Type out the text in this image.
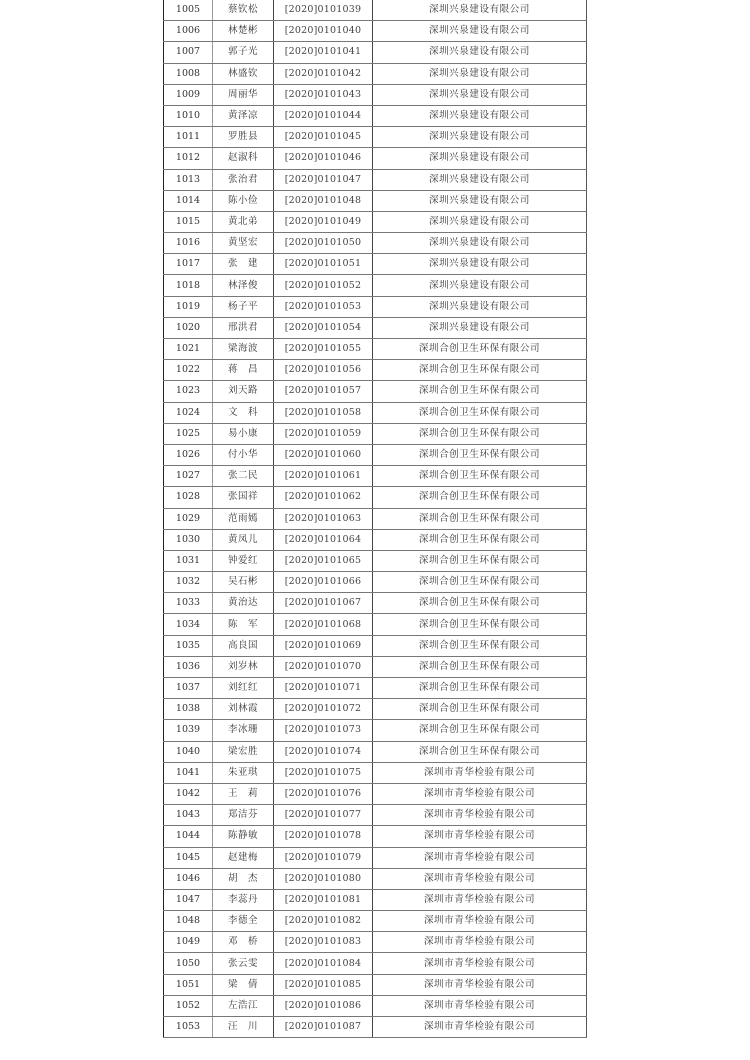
1005	蔡钦松	[2020]0101039	深圳兴泉建设有限公司
1006	林楚彬	[2020]0101040	深圳兴泉建设有限公司
1007	郭子光	[2020]0101041	深圳兴泉建设有限公司
1008	林盛钦	[2020]0101042	深圳兴泉建设有限公司
1009	周丽华	[2020]0101043	深圳兴泉建设有限公司
1010	黄泽凉	[2020]0101044	深圳兴泉建设有限公司
1011	罗胜县	[2020]0101045	深圳兴泉建设有限公司
1012	赵淑科	[2020]0101046	深圳兴泉建设有限公司
1013	张治君	[2020]0101047	深圳兴泉建设有限公司
1014	陈小俭	[2020]0101048	深圳兴泉建设有限公司
1015	黄北弟	[2020]0101049	深圳兴泉建设有限公司
1016	黄坚宏	[2020]0101050	深圳兴泉建设有限公司
1017	张　建	[2020]0101051	深圳兴泉建设有限公司
1018	林泽俊	[2020]0101052	深圳兴泉建设有限公司
1019	杨子平	[2020]0101053	深圳兴泉建设有限公司
1020	邢洪君	[2020]0101054	深圳兴泉建设有限公司
1021	梁海波	[2020]0101055	深圳合创卫生环保有限公司
1022	蒋　昌	[2020]0101056	深圳合创卫生环保有限公司
1023	刘天路	[2020]0101057	深圳合创卫生环保有限公司
1024	文　科	[2020]0101058	深圳合创卫生环保有限公司
1025	易小康	[2020]0101059	深圳合创卫生环保有限公司
1026	付小华	[2020]0101060	深圳合创卫生环保有限公司
1027	张二民	[2020]0101061	深圳合创卫生环保有限公司
1028	张国祥	[2020]0101062	深圳合创卫生环保有限公司
1029	范雨嫣	[2020]0101063	深圳合创卫生环保有限公司
1030	黄凤儿	[2020]0101064	深圳合创卫生环保有限公司
1031	钟爱红	[2020]0101065	深圳合创卫生环保有限公司
1032	吴石彬	[2020]0101066	深圳合创卫生环保有限公司
1033	黄治达	[2020]0101067	深圳合创卫生环保有限公司
1034	陈　军	[2020]0101068	深圳合创卫生环保有限公司
1035	高良国	[2020]0101069	深圳合创卫生环保有限公司
1036	刘岁林	[2020]0101070	深圳合创卫生环保有限公司
1037	刘红红	[2020]0101071	深圳合创卫生环保有限公司
1038	刘林霞	[2020]0101072	深圳合创卫生环保有限公司
1039	李冰珊	[2020]0101073	深圳合创卫生环保有限公司
1040	梁宏胜	[2020]0101074	深圳合创卫生环保有限公司
1041	朱亚琪	[2020]0101075	深圳市青华检验有限公司
1042	王　莉	[2020]0101076	深圳市青华检验有限公司
1043	郑洁芬	[2020]0101077	深圳市青华检验有限公司
1044	陈静敏	[2020]0101078	深圳市青华检验有限公司
1045	赵建梅	[2020]0101079	深圳市青华检验有限公司
1046	胡　杰	[2020]0101080	深圳市青华检验有限公司
1047	李蕊丹	[2020]0101081	深圳市青华检验有限公司
1048	李德全	[2020]0101082	深圳市青华检验有限公司
1049	邓　桥	[2020]0101083	深圳市青华检验有限公司
1050	张云雯	[2020]0101084	深圳市青华检验有限公司
1051	梁　倩	[2020]0101085	深圳市青华检验有限公司
1052	左浩江	[2020]0101086	深圳市青华检验有限公司
1053	汪　川	[2020]0101087	深圳市青华检验有限公司
